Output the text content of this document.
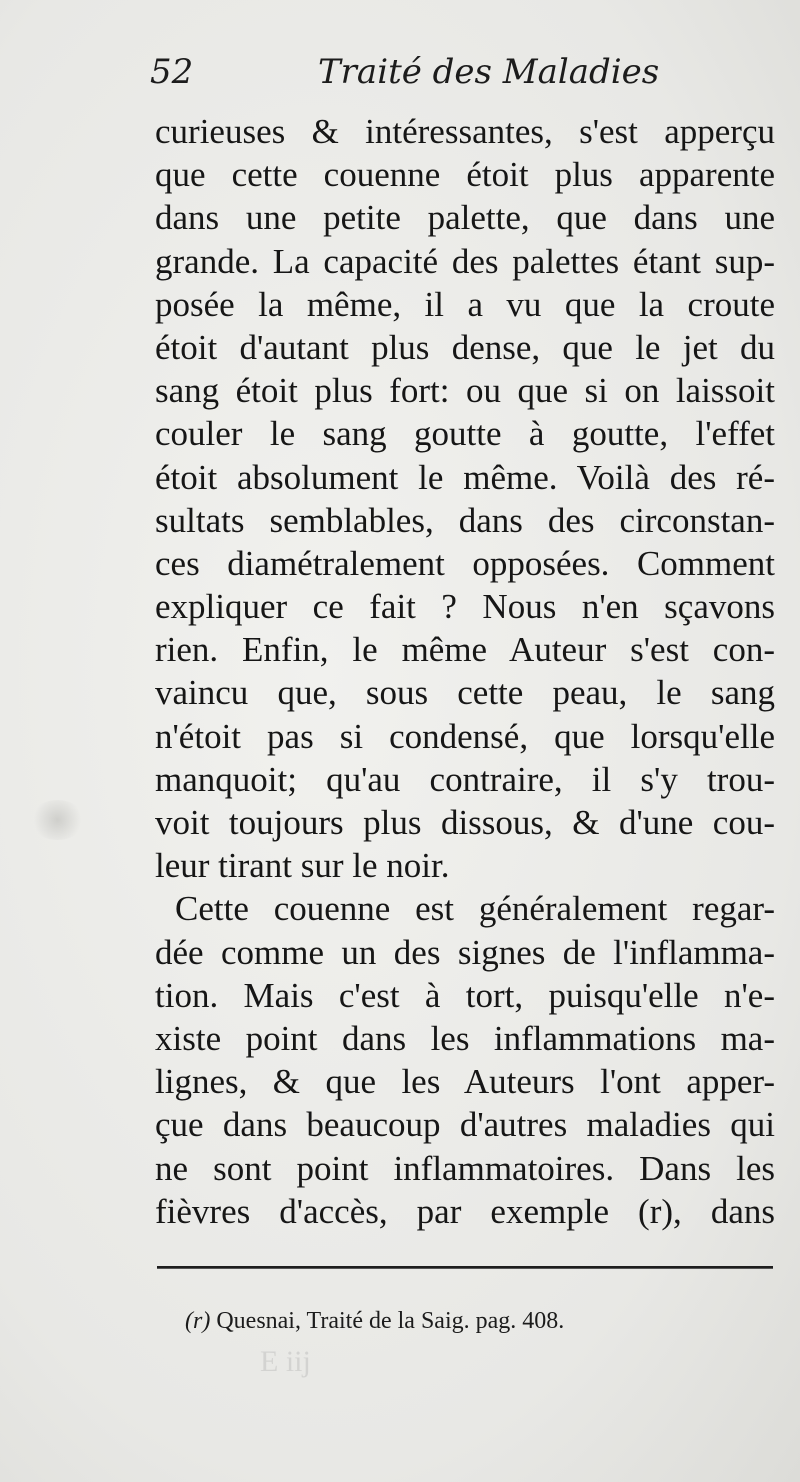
E iij
52	Traité des Maladies
curieuses & intéressantes, s'est apperçu
que cette couenne étoit plus apparente
dans une petite palette, que dans une
grande. La capacité des palettes étant sup-
posée la même, il a vu que la croute
étoit d'autant plus dense, que le jet du
sang étoit plus fort: ou que si on laissoit
couler le sang goutte à goutte, l'effet
étoit absolument le même. Voilà des ré-
sultats semblables, dans des circonstan-
ces diamétralement opposées. Comment
expliquer ce fait ? Nous n'en sçavons
rien. Enfin, le même Auteur s'est con-
vaincu que, sous cette peau, le sang
n'étoit pas si condensé, que lorsqu'elle
manquoit; qu'au contraire, il s'y trou-
voit toujours plus dissous, & d'une cou-
leur tirant sur le noir.
Cette couenne est généralement regar-
dée comme un des signes de l'inflamma-
tion. Mais c'est à tort, puisqu'elle n'e-
xiste point dans les inflammations ma-
lignes, & que les Auteurs l'ont apper-
çue dans beaucoup d'autres maladies qui
ne sont point inflammatoires. Dans les
fièvres d'accès, par exemple (r), dans
(r) Quesnai, Traité de la Saig. pag. 408.
